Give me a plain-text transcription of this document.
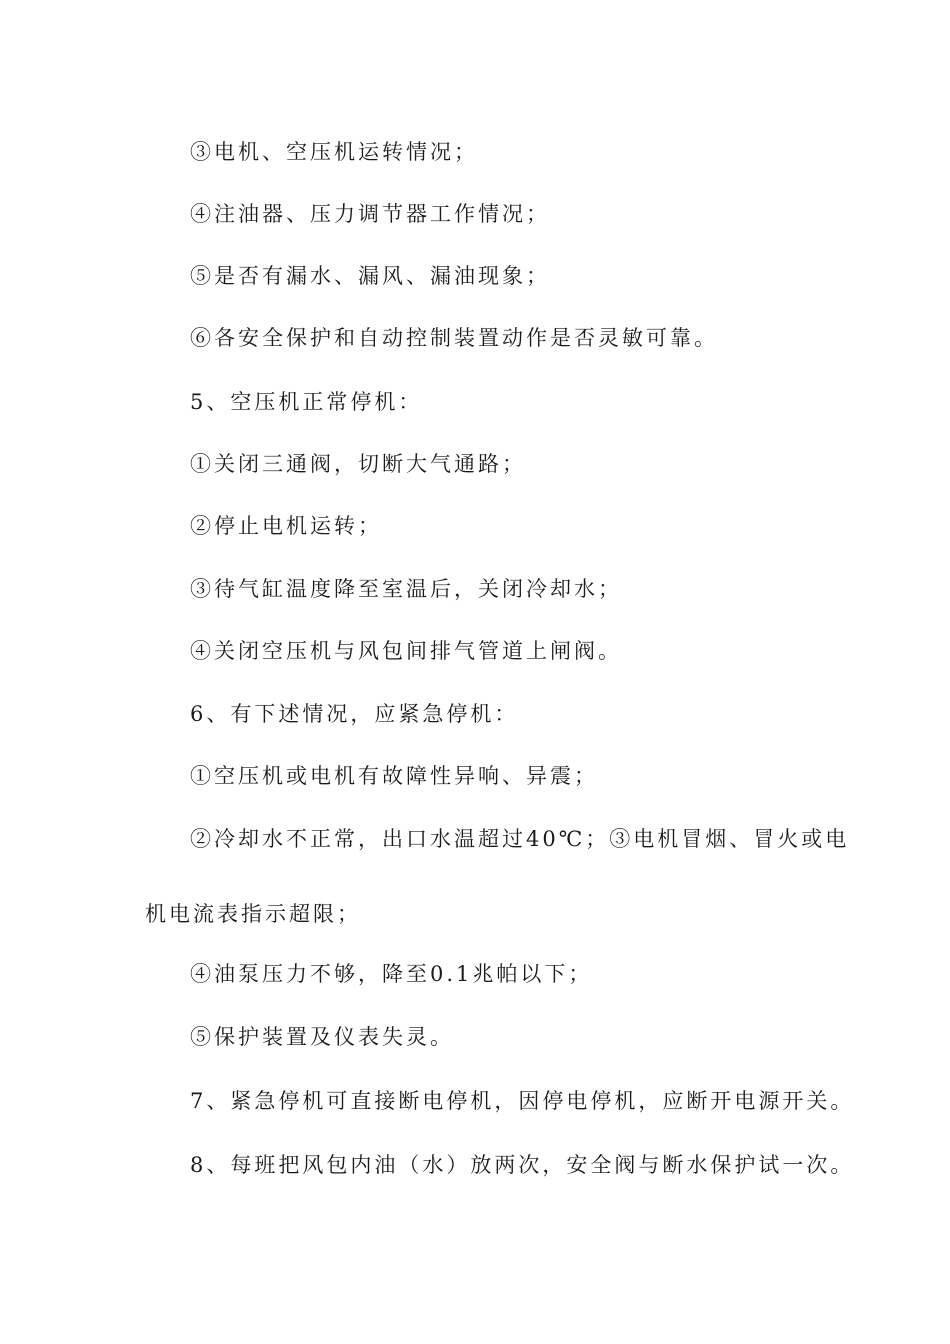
③电机、空压机运转情况；
④注油器、压力调节器工作情况；
⑤是否有漏水、漏风、漏油现象；
⑥各安全保护和自动控制装置动作是否灵敏可靠。
5、空压机正常停机：
①关闭三通阀，切断大气通路；
②停止电机运转；
③待气缸温度降至室温后，关闭冷却水；
④关闭空压机与风包间排气管道上闸阀。
6、有下述情况，应紧急停机：
①空压机或电机有故障性异响、异震；
②冷却水不正常，出口水温超过40℃；③电机冒烟、冒火或电
机电流表指示超限；
④油泵压力不够，降至0.1兆帕以下；
⑤保护装置及仪表失灵。
7、紧急停机可直接断电停机，因停电停机，应断开电源开关。
8、每班把风包内油（水）放两次，安全阀与断水保护试一次。
